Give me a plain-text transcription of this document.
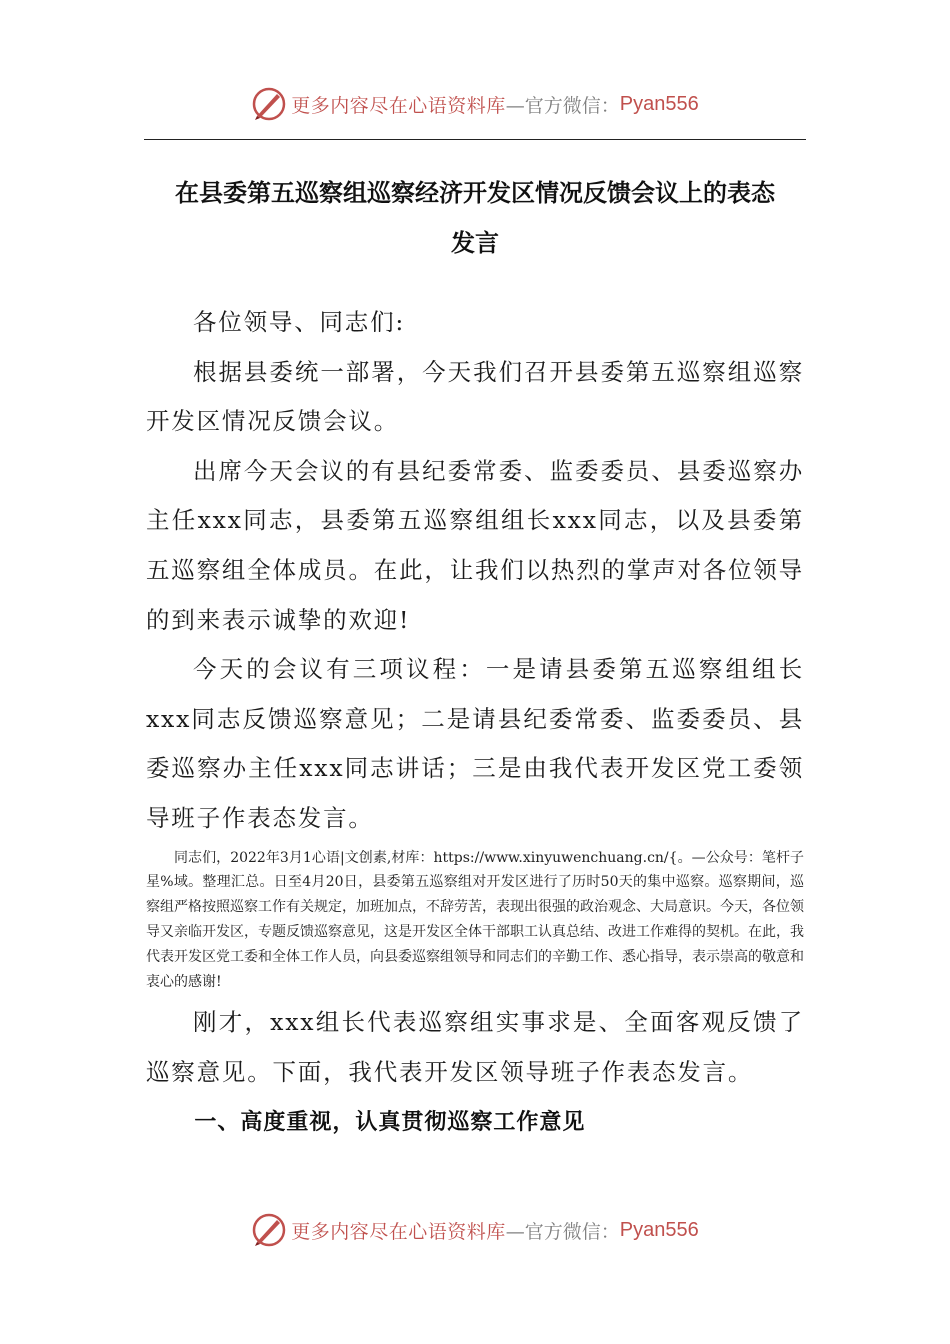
更多内容尽在心语资料库 —官方微信： Pyan556
在县委第五巡察组巡察经济开发区情况反馈会议上的表态
发言

各位领导、同志们:

根据县委统一部署，今天我们召开县委第五巡察组巡察开发区情况反馈会议。

出席今天会议的有县纪委常委、监委委员、县委巡察办主任xxx同志，县委第五巡察组组长xxx同志，以及县委第五巡察组全体成员。在此，让我们以热烈的掌声对各位领导的到来表示诚挚的欢迎!

今天的会议有三项议程：一是请县委第五巡察组组长xxx同志反馈巡察意见；二是请县纪委常委、监委委员、县委巡察办主任xxx同志讲话；三是由我代表开发区党工委领导班子作表态发言。

同志们，2022年3月1心语|文创素,材库：https://www.xinyuwenchuang.cn/{。—公众号：笔杆子星%域。整理汇总。日至4月20日，县委第五巡察组对开发区进行了历时50天的集中巡察。巡察期间，巡察组严格按照巡察工作有关规定，加班加点，不辞劳苦，表现出很强的政治观念、大局意识。今天，各位领导又亲临开发区，专题反馈巡察意见，这是开发区全体干部职工认真总结、改进工作难得的契机。在此，我代表开发区党工委和全体工作人员，向县委巡察组领导和同志们的辛勤工作、悉心指导，表示崇高的敬意和衷心的感谢!

刚才，xxx组长代表巡察组实事求是、全面客观反馈了巡察意见。下面，我代表开发区领导班子作表态发言。

一、高度重视，认真贯彻巡察工作意见

更多内容尽在心语资料库 —官方微信： Pyan556
